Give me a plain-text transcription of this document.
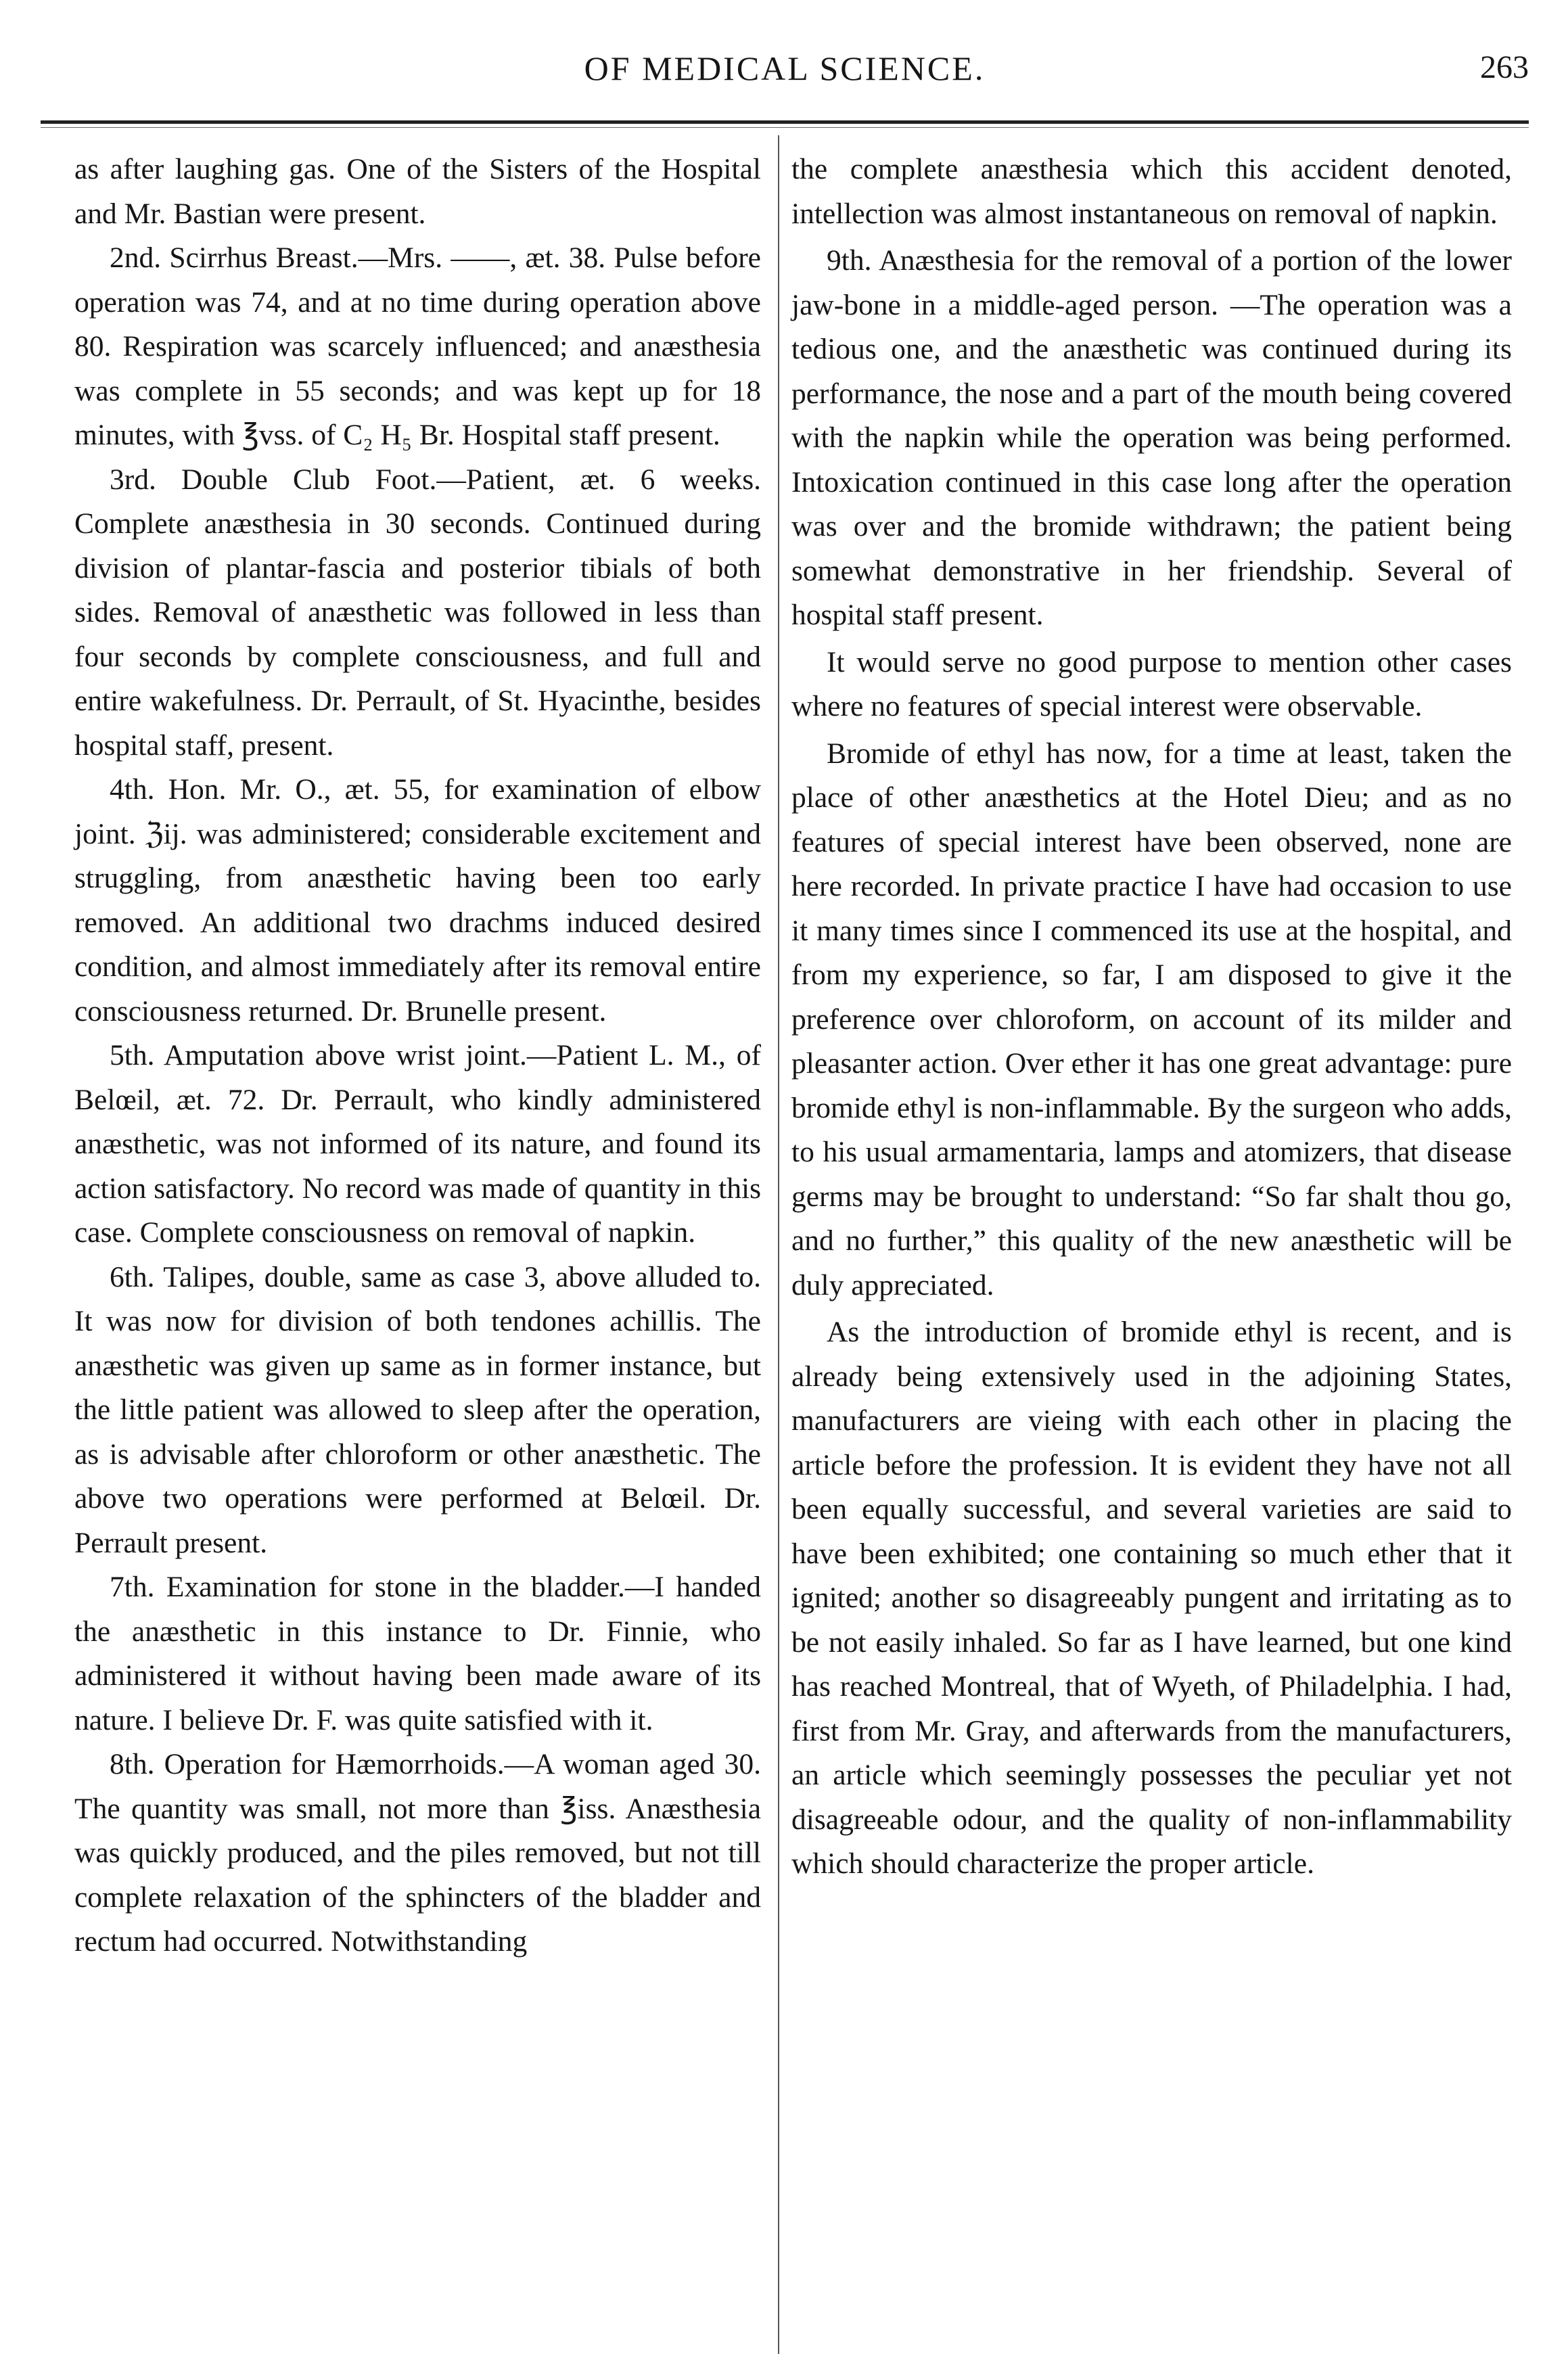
OF MEDICAL SCIENCE.	263

as after laughing gas. One of the Sisters of the Hospital and Mr. Bastian were present.

2nd. Scirrhus Breast.—Mrs. ——, æt. 38. Pulse before operation was 74, and at no time during operation above 80. Respiration was scarcely influenced; and anæsthesia was complete in 55 seconds; and was kept up for 18 minutes, with ℥vss. of C₂ H₅ Br. Hospital staff present.

3rd. Double Club Foot.—Patient, æt. 6 weeks. Complete anæsthesia in 30 seconds. Continued during division of plantar-fascia and posterior tibials of both sides. Removal of anæsthetic was followed in less than four seconds by complete consciousness, and full and entire wakefulness. Dr. Perrault, of St. Hyacinthe, besides hospital staff, present.

4th. Hon. Mr. O., æt. 55, for examination of elbow joint. ℨij. was administered; considerable excitement and struggling, from anæsthetic having been too early removed. An additional two drachms induced desired condition, and almost immediately after its removal entire consciousness returned. Dr. Brunelle present.

5th. Amputation above wrist joint.—Patient L. M., of Belœil, æt. 72. Dr. Perrault, who kindly administered anæsthetic, was not informed of its nature, and found its action satisfactory. No record was made of quantity in this case. Complete consciousness on removal of napkin.

6th. Talipes, double, same as case 3, above alluded to. It was now for division of both tendones achillis. The anæsthetic was given up same as in former instance, but the little patient was allowed to sleep after the operation, as is advisable after chloroform or other anæsthetic. The above two operations were performed at Belœil. Dr. Perrault present.

7th. Examination for stone in the bladder.—I handed the anæsthetic in this instance to Dr. Finnie, who administered it without having been made aware of its nature. I believe Dr. F. was quite satisfied with it.

8th. Operation for Hæmorrhoids.—A woman aged 30. The quantity was small, not more than ℥iss. Anæsthesia was quickly produced, and the piles removed, but not till complete relaxation of the sphincters of the bladder and rectum had occurred. Notwithstanding

the complete anæsthesia which this accident denoted, intellection was almost instantaneous on removal of napkin.

9th. Anæsthesia for the removal of a portion of the lower jaw-bone in a middle-aged person. —The operation was a tedious one, and the anæsthetic was continued during its performance, the nose and a part of the mouth being covered with the napkin while the operation was being performed. Intoxication continued in this case long after the operation was over and the bromide withdrawn; the patient being somewhat demonstrative in her friendship. Several of hospital staff present.

It would serve no good purpose to mention other cases where no features of special interest were observable.

Bromide of ethyl has now, for a time at least, taken the place of other anæsthetics at the Hotel Dieu; and as no features of special interest have been observed, none are here recorded. In private practice I have had occasion to use it many times since I commenced its use at the hospital, and from my experience, so far, I am disposed to give it the preference over chloroform, on account of its milder and pleasanter action. Over ether it has one great advantage: pure bromide ethyl is non-inflammable. By the surgeon who adds, to his usual armamentaria, lamps and atomizers, that disease germs may be brought to understand: “So far shalt thou go, and no further,” this quality of the new anæsthetic will be duly appreciated.

As the introduction of bromide ethyl is recent, and is already being extensively used in the adjoining States, manufacturers are vieing with each other in placing the article before the profession. It is evident they have not all been equally successful, and several varieties are said to have been exhibited; one containing so much ether that it ignited; another so disagreeably pungent and irritating as to be not easily inhaled. So far as I have learned, but one kind has reached Montreal, that of Wyeth, of Philadelphia. I had, first from Mr. Gray, and afterwards from the manufacturers, an article which seemingly possesses the peculiar yet not disagreeable odour, and the quality of non-inflammability which should characterize the proper article.
